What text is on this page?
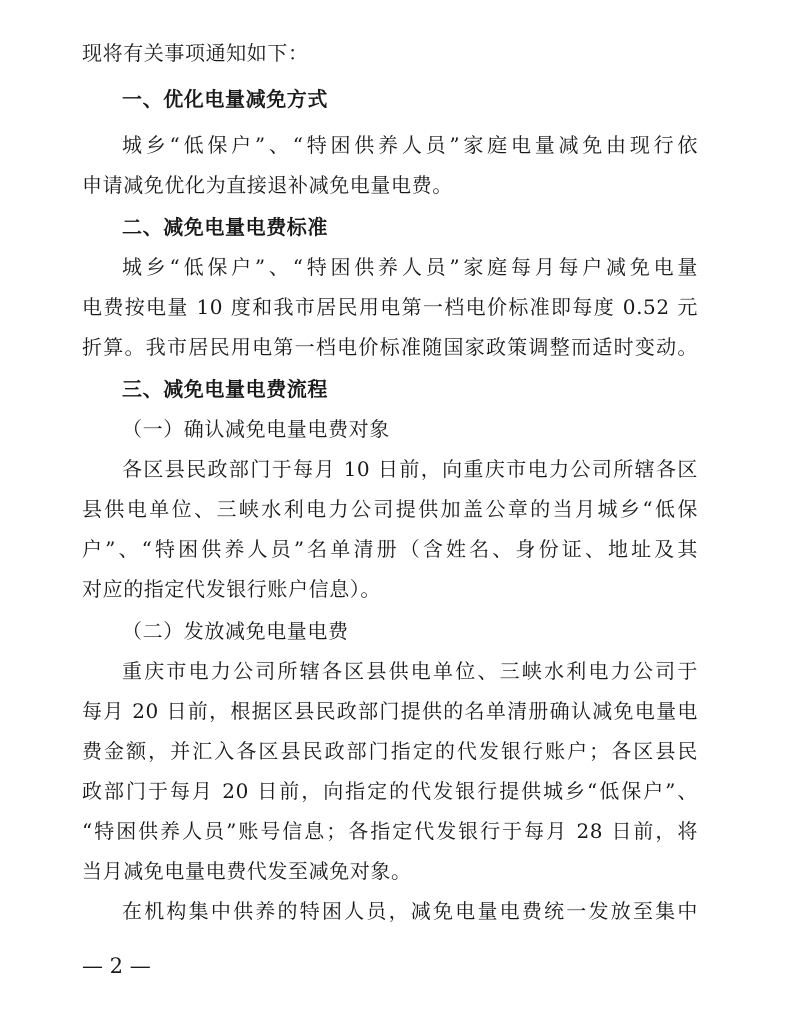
现将有关事项通知如下：

一、优化电量减免方式

城乡“低保户”、“特困供养人员”家庭电量减免由现行依

申请减免优化为直接退补减免电量电费。

二、减免电量电费标准

城乡“低保户”、“特困供养人员”家庭每月每户减免电量

电费按电量 10 度和我市居民用电第一档电价标准即每度 0.52 元

折算。我市居民用电第一档电价标准随国家政策调整而适时变动。

三、减免电量电费流程

（一）确认减免电量电费对象

各区县民政部门于每月 10 日前，向重庆市电力公司所辖各区

县供电单位、三峡水利电力公司提供加盖公章的当月城乡“低保

户”、“特困供养人员”名单清册（含姓名、身份证、地址及其

对应的指定代发银行账户信息）。

（二）发放减免电量电费

重庆市电力公司所辖各区县供电单位、三峡水利电力公司于

每月 20 日前，根据区县民政部门提供的名单清册确认减免电量电

费金额，并汇入各区县民政部门指定的代发银行账户；各区县民

政部门于每月 20 日前，向指定的代发银行提供城乡“低保户”、

“特困供养人员”账号信息；各指定代发银行于每月 28 日前，将

当月减免电量电费代发至减免对象。

在机构集中供养的特困人员，减免电量电费统一发放至集中

— 2 —
